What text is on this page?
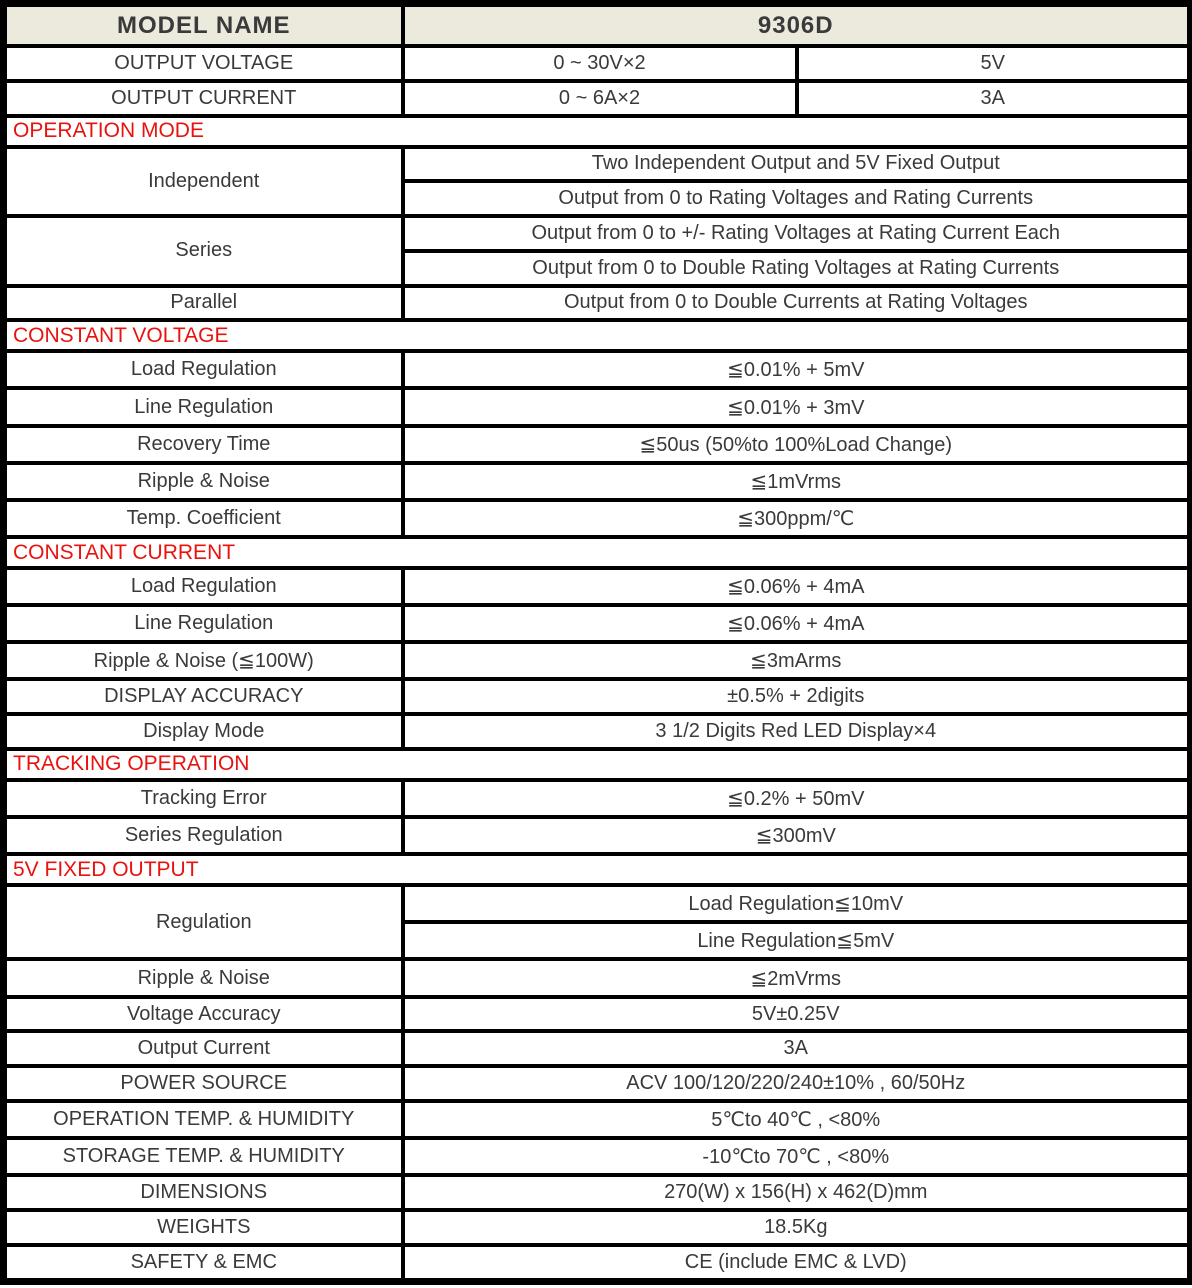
MODEL NAME	9306D	
OUTPUT VOLTAGE	0 ~ 30V×2	5V
OUTPUT CURRENT	0 ~ 6A×2	3A
OPERATION MODE		
Independent	Two Independent Output and 5V Fixed Output	
	Output from 0 to Rating Voltages and Rating Currents	
Series	Output from 0 to +/- Rating Voltages at Rating Current Each	
	Output from 0 to Double Rating Voltages at Rating Currents	
Parallel	Output from 0 to Double Currents at Rating Voltages	
CONSTANT VOLTAGE		
Load Regulation	≦0.01% + 5mV	
Line Regulation	≦0.01% + 3mV	
Recovery Time	≦50us (50%to 100%Load Change)	
Ripple & Noise	≦1mVrms	
Temp. Coefficient	≦300ppm/℃	
CONSTANT CURRENT		
Load Regulation	≦0.06% + 4mA	
Line Regulation	≦0.06% + 4mA	
Ripple & Noise (≦100W)	≦3mArms	
DISPLAY ACCURACY	±0.5% + 2digits	
Display Mode	3 1/2 Digits Red LED Display×4	
TRACKING OPERATION		
Tracking Error	≦0.2% + 50mV	
Series Regulation	≦300mV	
5V FIXED OUTPUT		
Regulation	Load Regulation≦10mV	
	Line Regulation≦5mV	
Ripple & Noise	≦2mVrms	
Voltage Accuracy	5V±0.25V	
Output Current	3A	
POWER SOURCE	ACV 100/120/220/240±10% , 60/50Hz	
OPERATION TEMP. & HUMIDITY	5℃to 40℃ , <80%	
STORAGE TEMP. & HUMIDITY	-10℃to 70℃ , <80%	
DIMENSIONS	270(W) x 156(H) x 462(D)mm	
WEIGHTS	18.5Kg	
SAFETY & EMC	CE (include EMC & LVD)	
